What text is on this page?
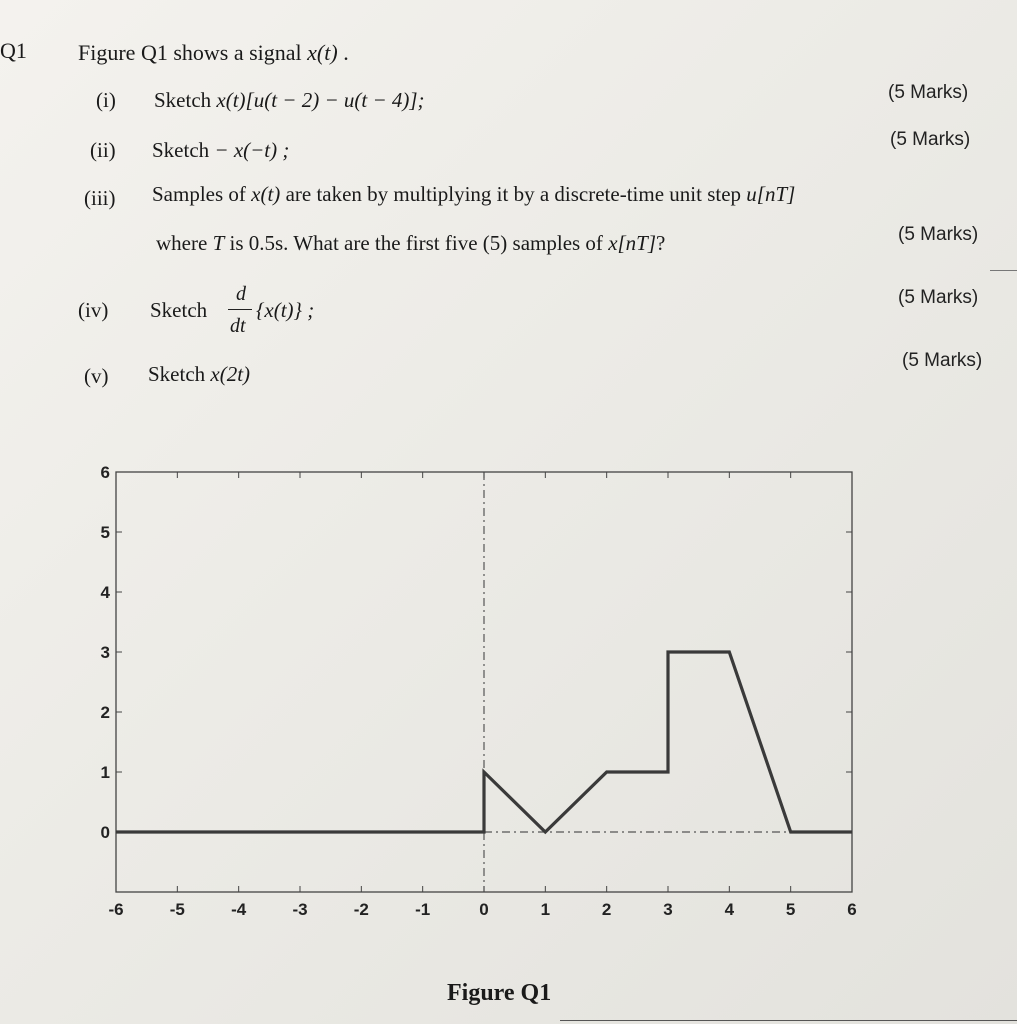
Q1 Figure Q1 shows a signal x(t) .
(i) Sketch x(t)[u(t − 2) − u(t − 4)];	(5 Marks)
(ii) Sketch − x(−t) ;	(5 Marks)
(iii) Samples of x(t) are taken by multiplying it by a discrete-time unit step u[nT]
where T is 0.5s. What are the first five (5) samples of x[nT]?	(5 Marks)
(iv) Sketch
d
dt
{x(t)} ;
(5 Marks)
(v) Sketch x(2t)
(5 Marks)
-6	-5	-4	-3	-2	-1	0	1	2	3	4	5	6
0
1
2
3
4
5
6
Figure Q1
